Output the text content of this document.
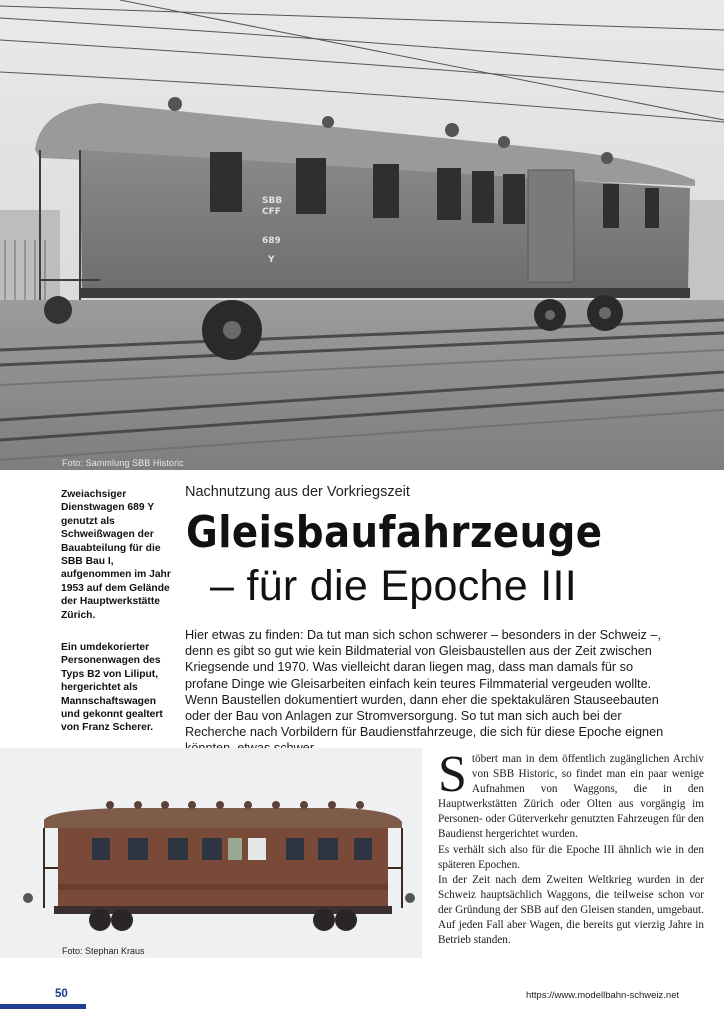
SBB
CFF
689
Y
Foto: Sammlung SBB Historic
Zweiachsiger Dienstwagen 689 Y genutzt als Schweißwagen der Bauabteilung für die SBB Bau I, aufgenommen im Jahr 1953 auf dem Gelände der Hauptwerkstätte Zürich.
Ein umdekorierter Personenwagen des Typs B2 von Liliput, hergerichtet als Mannschaftswagen und gekonnt gealtert von Franz Scherer.
Nachnutzung aus der Vorkriegszeit
Gleisbaufahrzeuge
– für die Epoche III
Hier etwas zu finden: Da tut man sich schon schwerer – besonders in der Schweiz –, denn es gibt so gut wie kein Bildmaterial von Gleisbaustellen aus der Zeit zwischen Kriegsende und 1970. Was vielleicht daran liegen mag, dass man damals für so profane Dinge wie Gleisarbeiten einfach kein teures Filmmaterial vergeuden wollte. Wenn Baustellen dokumentiert wurden, dann eher die spektakulären Stauseebauten oder der Bau von Anlagen zur Stromversorgung. So tut man sich auch bei der Recherche nach Vorbildern für Baudienstfahrzeuge, die sich für diese Epoche eignen
Foto: Stephan Kraus

Stöbert man in dem öffentlich zugänglichen Archiv von SBB Historic, so findet man ein paar wenige Aufnahmen von Waggons, die in den Hauptwerkstätten Zürich oder Olten aus vorgängig im Personen- oder Güterverkehr genutzten Fahrzeugen für den Baudienst hergerichtet wurden.

Es verhält sich also für die Epoche III ähnlich wie in den späteren Epochen.

In der Zeit nach dem Zweiten Weltkrieg wurden in der Schweiz hauptsächlich Waggons, die teilweise schon vor der Gründung der SBB auf den Gleisen standen, umgebaut.

Auf jeden Fall aber Wagen, die bereits gut vierzig Jahre in Betrieb standen.

50	https://www.modellbahn-schweiz.net
